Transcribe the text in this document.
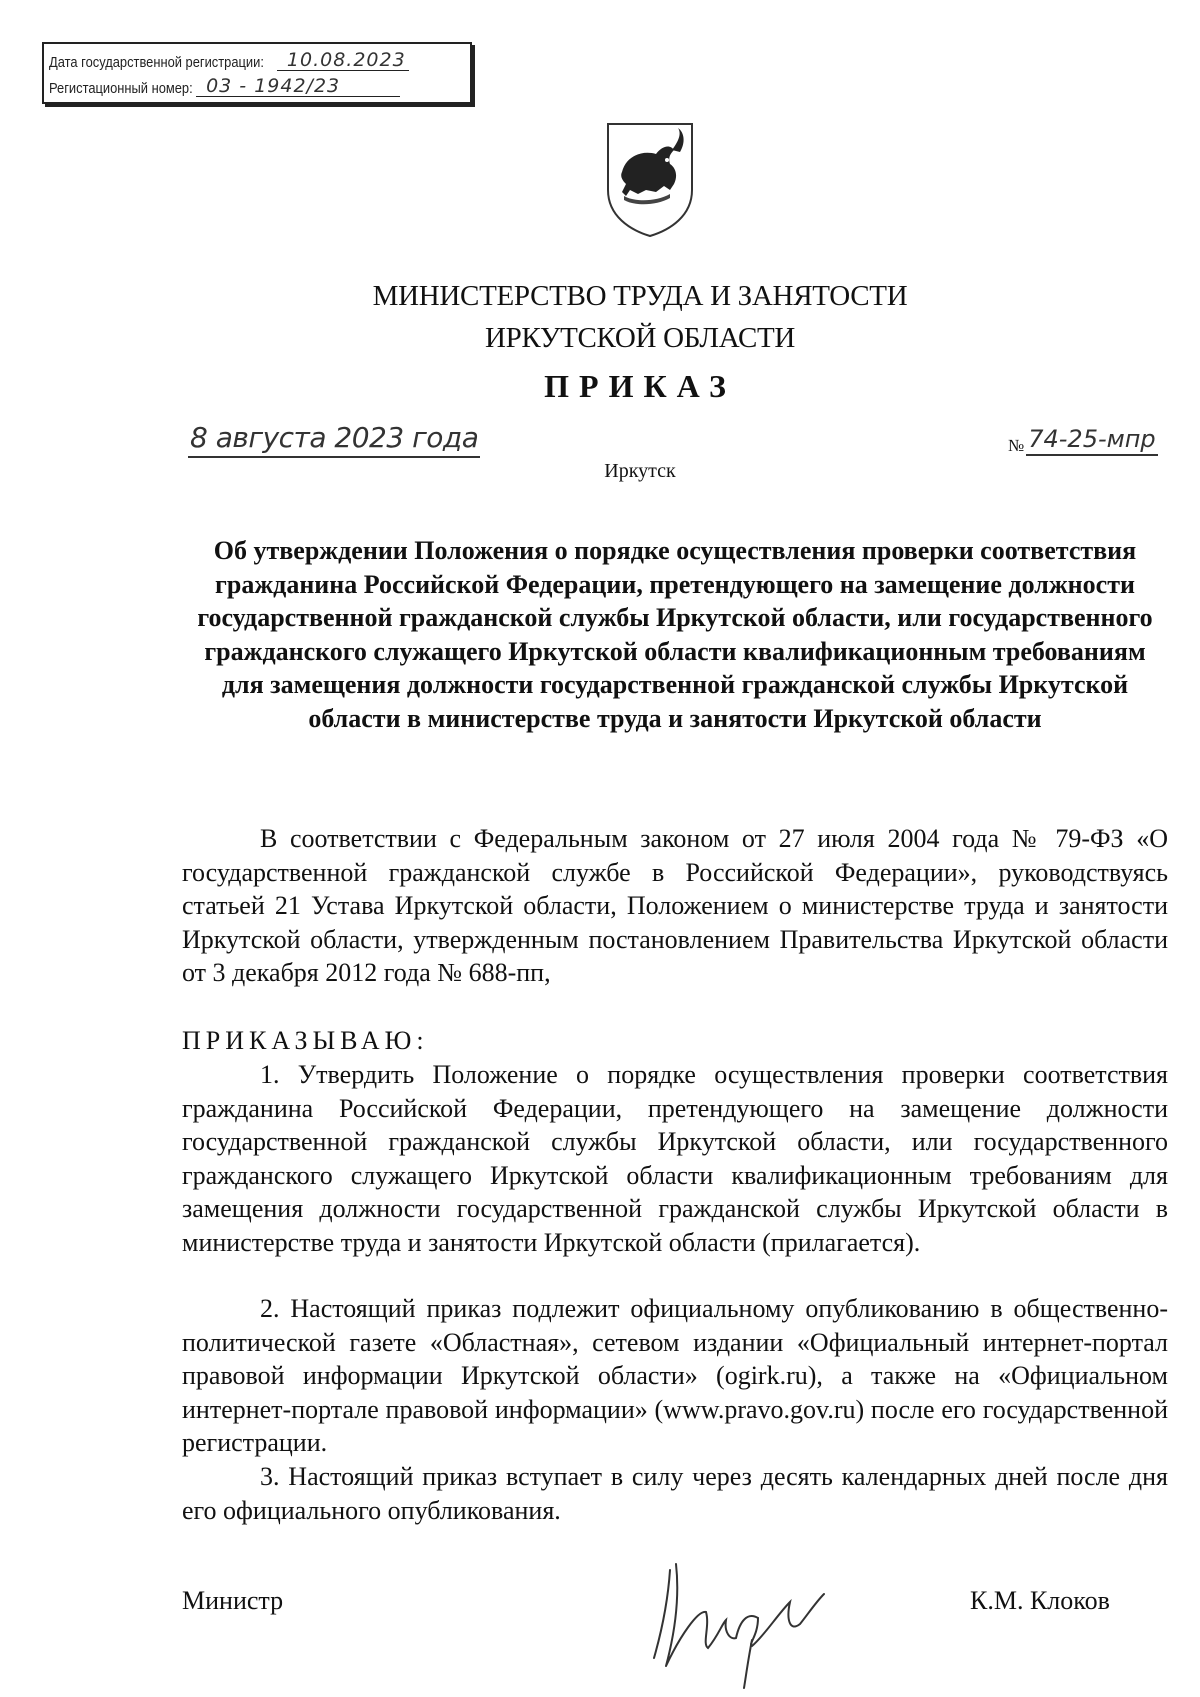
Дата государственной регистрации:	10.08.2023
Регистационный номер: 03 - 1942/23
МИНИСТЕРСТВО ТРУДА И ЗАНЯТОСТИ
ИРКУТСКОЙ ОБЛАСТИ
ПРИКАЗ
8 августа 2023 года	№ 74-25-мпр
Иркутск
Об утверждении Положения о порядке осуществления проверки соответствия гражданина Российской Федерации, претендующего на замещение должности государственной гражданской службы Иркутской области, или государственного гражданского служащего Иркутской области квалификационным требованиям для замещения должности государственной гражданской службы Иркутской области в министерстве труда и занятости Иркутской области
В соответствии с Федеральным законом от 27 июля 2004 года № 79-ФЗ «О государственной гражданской службе в Российской Федерации», руководствуясь статьей 21 Устава Иркутской области, Положением о министерстве труда и занятости Иркутской области, утвержденным постановлением Правительства Иркутской области от 3 декабря 2012 года № 688-пп,
ПРИКАЗЫВАЮ:
1. Утвердить Положение о порядке осуществления проверки соответствия гражданина Российской Федерации, претендующего на замещение должности государственной гражданской службы Иркутской области, или государственного гражданского служащего Иркутской области квалификационным требованиям для замещения должности государственной гражданской службы Иркутской области в министерстве труда и занятости Иркутской области (прилагается).
2. Настоящий приказ подлежит официальному опубликованию в общественно-политической газете «Областная», сетевом издании «Официальный интернет-портал правовой информации Иркутской области» (ogirk.ru), а также на «Официальном интернет-портале правовой информации» (www.pravo.gov.ru) после его государственной регистрации.
3. Настоящий приказ вступает в силу через десять календарных дней после дня его официального опубликования.
Министр	К.М. Клоков
